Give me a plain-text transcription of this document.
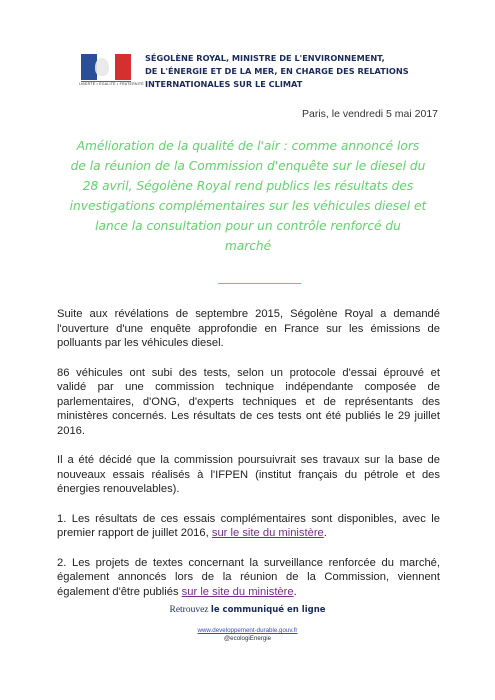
LIBERTÉ • ÉGALITÉ • FRATERNITÉ
SÉGOLÈNE ROYAL, MINISTRE DE L'ENVIRONNEMENT,
DE L'ÉNERGIE ET DE LA MER, EN CHARGE DES RELATIONS
INTERNATIONALES SUR LE CLIMAT
Paris, le vendredi 5 mai 2017
Amélioration de la qualité de l'air : comme annoncé lors
de la réunion de la Commission d'enquête sur le diesel du
28 avril, Ségolène Royal rend publics les résultats des
investigations complémentaires sur les véhicules diesel et
lance la consultation pour un contrôle renforcé du
marché
Suite aux révélations de septembre 2015, Ségolène Royal a demandé
l'ouverture d'une enquête approfondie en France sur les émissions de
polluants par les véhicules diesel.
86 véhicules ont subi des tests, selon un protocole d'essai éprouvé et
validé par une commission technique indépendante composée de
parlementaires, d'ONG, d'experts techniques et de représentants des
ministères concernés. Les résultats de ces tests ont été publiés le 29 juillet
2016.
Il a été décidé que la commission poursuivrait ses travaux sur la base de
nouveaux essais réalisés à l'IFPEN (institut français du pétrole et des
énergies renouvelables).
1. Les résultats de ces essais complémentaires sont disponibles, avec le
premier rapport de juillet 2016, sur le site du ministère.
2. Les projets de textes concernant la surveillance renforcée du marché,
également annoncés lors de la réunion de la Commission, viennent
également d'être publiés sur le site du ministère.
Retrouvez le communiqué en ligne
www.developpement-durable.gouv.fr
@ecologiEnergie
